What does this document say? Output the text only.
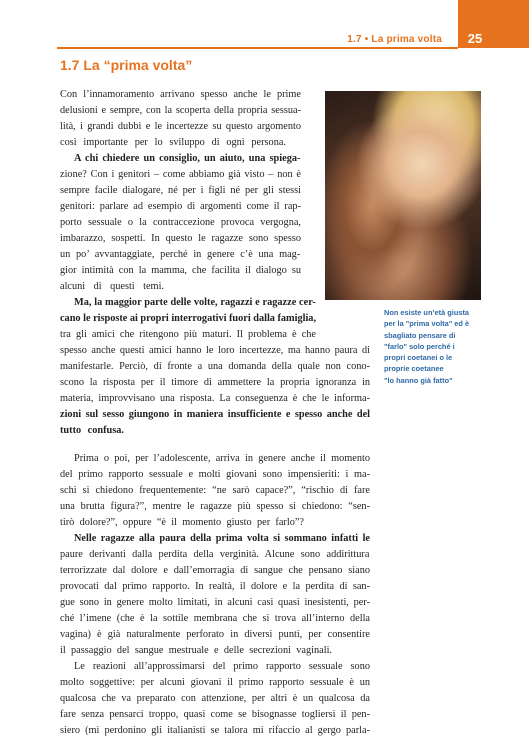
25
1.7 • La prima volta
1.7 La “prima volta”
Non esiste un’età giusta
per la "prima volta" ed è
sbagliato pensare di
"farlo" solo perché i
propri coetanei o le
proprie coetanee
"lo hanno già fatto"
Con l’innamoramento arrivano spesso anche le prime
delusioni e sempre, con la scoperta della propria sessua-
lità, i grandi dubbi e le incertezze su questo argomento
così importante per lo sviluppo di ogni persona.
A chi chiedere un consiglio, un aiuto, una spiega-
zione? Con i genitori – come abbiamo già visto – non è
sempre facile dialogare, né per i figli né per gli stessi
genitori: parlare ad esempio di argomenti come il rap-
porto sessuale o la contraccezione provoca vergogna,
imbarazzo, sospetti. In questo le ragazze sono spesso
un po’ avvantaggiate, perché in genere c’è una mag-
gior intimità con la mamma, che facilita il dialogo su
alcuni di questi temi.
Ma, la maggior parte delle volte, ragazzi e ragazze cer-
cano le risposte ai propri interrogativi fuori dalla famiglia,
tra gli amici che ritengono più maturi. Il problema è che
spesso anche questi amici hanno le loro incertezze, ma hanno paura di
manifestarle. Perciò, di fronte a una domanda della quale non cono-
scono la risposta per il timore di ammettere la propria ignoranza in
materia, improvvisano una risposta. La conseguenza è che le informa-
zioni sul sesso giungono in maniera insufficiente e spesso anche del
tutto confusa.
Prima o poi, per l’adolescente, arriva in genere anche il momento
del primo rapporto sessuale e molti giovani sono impensieriti: i ma-
schi si chiedono frequentemente: “ne sarò capace?”, “rischio di fare
una brutta figura?”, mentre le ragazze più spesso si chiedono: “sen-
tirò dolore?”, oppure “è il momento giusto per farlo”?
Nelle ragazze alla paura della prima volta si sommano infatti le
paure derivanti dalla perdita della verginità. Alcune sono addirittura
terrorizzate dal dolore e dall’emorragia di sangue che pensano siano
provocati dal primo rapporto. In realtà, il dolore e la perdita di san-
gue sono in genere molto limitati, in alcuni casi quasi inesistenti, per-
ché l’imene (che è la sottile membrana che si trova all’interno della
vagina) è già naturalmente perforato in diversi punti, per consentire
il passaggio del sangue mestruale e delle secrezioni vaginali.
Le reazioni all’approssimarsi del primo rapporto sessuale sono
molto soggettive: per alcuni giovani il primo rapporto sessuale è un
qualcosa che va preparato con attenzione, per altri è un qualcosa da
fare senza pensarci troppo, quasi come se bisognasse togliersi il pen-
siero (mi perdonino gli italianisti se talora mi rifaccio al gergo parla-
